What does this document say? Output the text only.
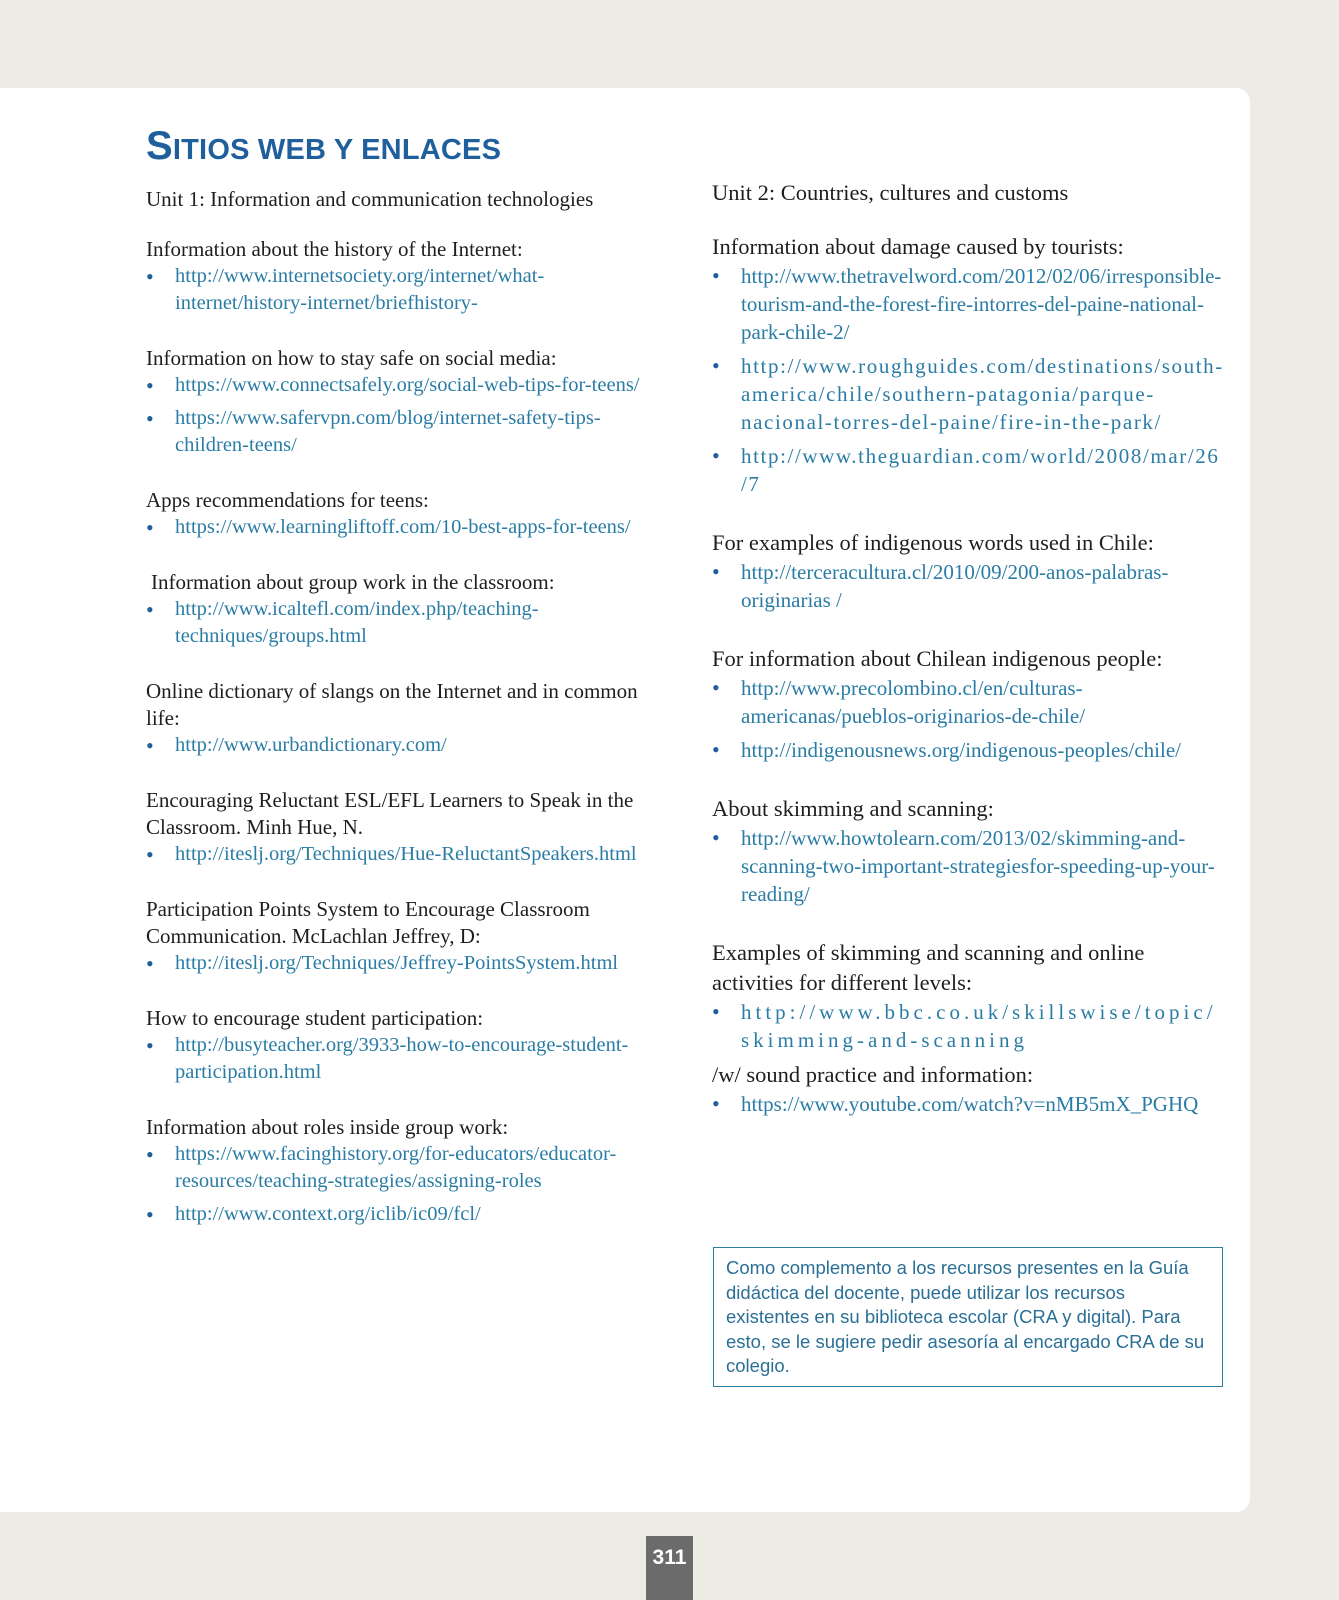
SITIOS WEB Y ENLACES

Unit 1: Information and communication technologies

Information about the history of the Internet:

• http://www.internetsociety.org/internet/what-internet/history-internet/briefhistory-

Information on how to stay safe on social media:

• https://www.connectsafely.org/social-web-tips-for-teens/
• https://www.safervpn.com/blog/internet-safety-tips-children-teens/

Apps recommendations for teens:

• https://www.learningliftoff.com/10-best-apps-for-teens/

Information about group work in the classroom:

• http://www.icaltefl.com/index.php/teaching-techniques/groups.html

Online dictionary of slangs on the Internet and in common life:

• http://www.urbandictionary.com/

Encouraging Reluctant ESL/EFL Learners to Speak in the Classroom. Minh Hue, N.

• http://iteslj.org/Techniques/Hue-ReluctantSpeakers.html

Participation Points System to Encourage Classroom Communication. McLachlan Jeffrey, D:

• http://iteslj.org/Techniques/Jeffrey-PointsSystem.html

How to encourage student participation:

• http://busyteacher.org/3933-how-to-encourage-student-participation.html

Information about roles inside group work:

• https://www.facinghistory.org/for-educators/educator-resources/teaching-strategies/assigning-roles
• http://www.context.org/iclib/ic09/fcl/

Unit 2: Countries, cultures and customs

Information about damage caused by tourists:

• http://www.thetravelword.com/2012/02/06/irresponsible-tourism-and-the-forest-fire-intorres-del-paine-national-park-chile-2/
• http://www.roughguides.com/destinations/south-america/chile/southern-patagonia/parque-nacional-torres-del-paine/fire-in-the-park/
• http://www.theguardian.com/world/2008/mar/26/7

For examples of indigenous words used in Chile:

• http://terceracultura.cl/2010/09/200-anos-palabras-originarias /

For information about Chilean indigenous people:

• http://www.precolombino.cl/en/culturas-americanas/pueblos-originarios-de-chile/
• http://indigenousnews.org/indigenous-peoples/chile/

About skimming and scanning:

• http://www.howtolearn.com/2013/02/skimming-and-scanning-two-important-strategiesfor-speeding-up-your-reading/

Examples of skimming and scanning and online activities for different levels:

• http://www.bbc.co.uk/skillswise/topic/skimming-and-scanning

/w/ sound practice and information:

• https://www.youtube.com/watch?v=nMB5mX_PGHQ
Como complemento a los recursos presentes en la Guía didáctica del docente, puede utilizar los recursos existentes en su biblioteca escolar (CRA y digital). Para esto, se le sugiere pedir asesoría al encargado CRA de su colegio.
311
